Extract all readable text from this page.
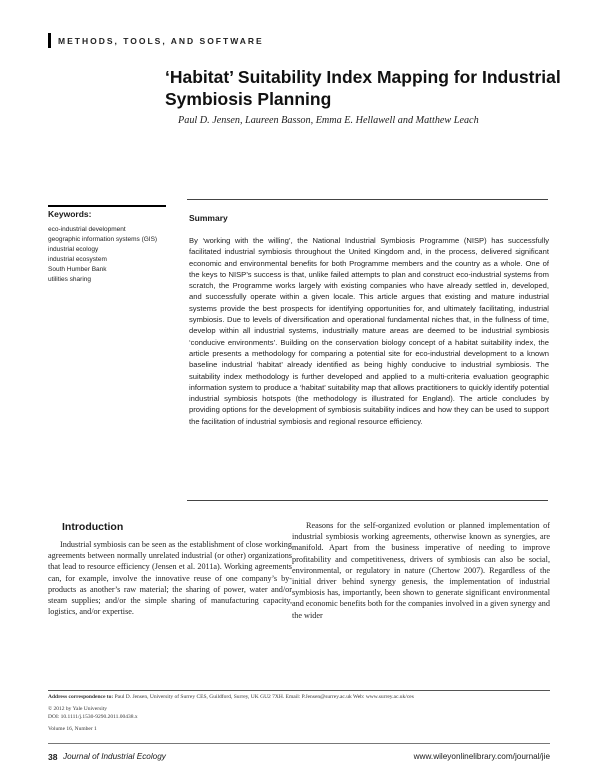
METHODS, TOOLS, AND SOFTWARE
‘Habitat’ Suitability Index Mapping for Industrial Symbiosis Planning
Paul D. Jensen, Laureen Basson, Emma E. Hellawell and Matthew Leach
Keywords:
eco-industrial development
geographic information systems (GIS)
industrial ecology
industrial ecosystem
South Humber Bank
utilities sharing
Summary

By ‘working with the willing’, the National Industrial Symbiosis Programme (NISP) has successfully facilitated industrial symbiosis throughout the United Kingdom and, in the process, delivered significant economic and environmental benefits for both Programme members and the country as a whole. One of the keys to NISP’s success is that, unlike failed attempts to plan and construct eco-industrial systems from scratch, the Programme works largely with existing companies who have already settled in, developed, and successfully operate within a given locale. This article argues that existing and mature industrial systems provide the best prospects for identifying opportunities for, and ultimately facilitating, industrial symbiosis. Due to levels of diversification and operational fundamental niches that, in the fullness of time, develop within all industrial systems, industrially mature areas are deemed to be industrial symbiosis ‘conducive environments’. Building on the conservation biology concept of a habitat suitability index, the article presents a methodology for comparing a potential site for eco-industrial development to a known baseline industrial ‘habitat’ already identified as being highly conducive to industrial symbiosis. The suitability index methodology is further developed and applied to a multi-criteria evaluation geographic information system to produce a ‘habitat’ suitability map that allows practitioners to quickly identify potential industrial symbiosis hotspots (the methodology is illustrated for England). The article concludes by providing options for the development of symbiosis suitability indices and how they can be used to support the facilitation of industrial symbiosis and regional resource efficiency.

Introduction

Industrial symbiosis can be seen as the establishment of close working agreements between normally unrelated industrial (or other) organizations that lead to resource efficiency (Jensen et al. 2011a). Working agreements can, for example, involve the innovative reuse of one company’s by-products as another’s raw material; the sharing of power, water and/or steam supplies; and/or the simple sharing of manufacturing capacity, logistics, and/or expertise.

Reasons for the self-organized evolution or planned implementation of industrial symbiosis working agreements, otherwise known as synergies, are manifold. Apart from the business imperative of needing to improve profitability and competitiveness, drivers of symbiosis can also be social, environmental, or regulatory in nature (Chertow 2007). Regardless of the initial driver behind synergy genesis, the implementation of industrial symbiosis has, importantly, been shown to generate significant environmental and economic benefits both for the companies involved in a given synergy and the wider

Address correspondence to: Paul D. Jensen, University of Surrey CES, Guildford, Surrey, UK GU2 7XH. Email: P.Jensen@surrey.ac.uk Web: www.surrey.ac.uk/ces
© 2012 by Yale University
DOI: 10.1111/j.1530-9290.2011.00438.x
Volume 16, Number 1
38 Journal of Industrial Ecology	www.wileyonlinelibrary.com/journal/jie
